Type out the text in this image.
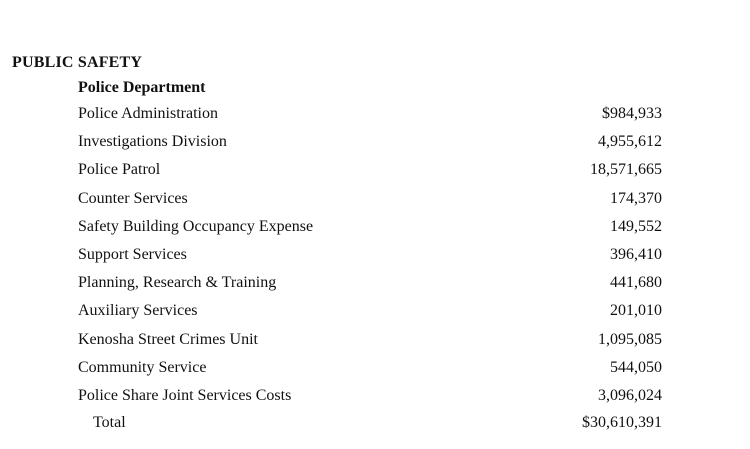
PUBLIC SAFETY
Police Department
Police Administration	$984,933
Investigations Division	4,955,612
Police Patrol	18,571,665
Counter Services	174,370
Safety Building Occupancy Expense	149,552
Support Services	396,410
Planning, Research & Training	441,680
Auxiliary Services	201,010
Kenosha Street Crimes Unit	1,095,085
Community Service	544,050
Police Share Joint Services Costs	3,096,024
Total	$30,610,391
